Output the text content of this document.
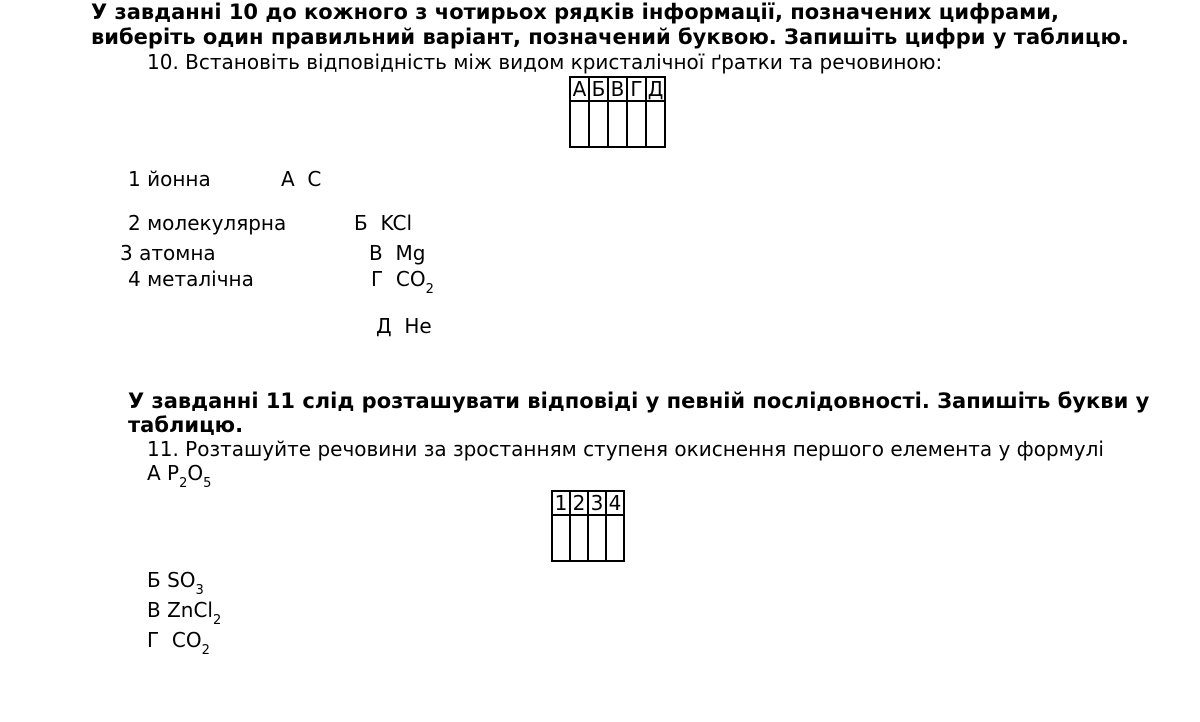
У завданні 10 до кожного з чотирьох рядків інформації, позначених цифрами,
виберіть один правильний варіант, позначений буквою. Запишіть цифри у таблицю.
10. Встановіть відповідність між видом кристалічної ґратки та речовиною:
А	Б	В	Г	Д

1 йонна
2 молекулярна
3 атомна
4 металічна
А С
Б KCl
В Mg
Г $CO_2$
Д He
У завданні 11 слід розташувати відповіді у певній послідовності. Запишіть букви у
таблицю.
11. Розташуйте речовини за зростанням ступеня окиснення першого елемента у формулі
А $P_2O_5$
1	2	3	4

Б $SO_3$
В ZnCl$_2$
Г $CO_2$
